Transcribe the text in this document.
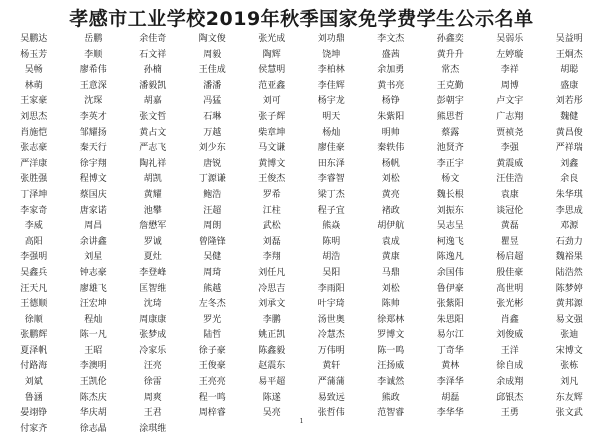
孝感市工业学校2019年秋季国家免学费学生公示名单
吴鹏达	岳鹏	余佳奇	陶文俊	张光成	刘功鼎	李文杰	孙鑫奕	吴弱乐	吴益明
杨玉芳	李顺	石文祥	周毅	陶辉	饶坤	盛茜	黄升升	左婷璇	王炯杰
吴畅	廖希伟	孙楠	王佳成	侯慧明	李柏林	余加勇	常杰	李祥	胡聪
林萌	王意深	潘毅凯	潘潘	范亚鑫	李佳辉	黄书亮	王克勤	周博	盛康
王家豪	沈琛	胡嘉	冯猛	刘可	杨宇龙	杨铮	彭朝宇	卢文宇	刘若彤
刘思杰	李英才	张文哲	石琳	张子辉	明天	朱紫阳	熊思哲	广志翔	魏健
肖施恺	邹耀扬	黄占文	万越	柴章坤	杨灿	明帅	蔡露	贾祯尧	黄昌俊
张志豪	秦天行	严志飞	刘少东	马文谦	廖佳豪	秦轶伟	池贤齐	李强	严祥瑞
严洋康	徐宇翔	陶礼祥	唐锐	黄博文	田东泽	杨帆	李正宇	黄震威	刘鑫
张胜强	程博文	胡凯	丁源谦	王俊杰	李睿智	刘松	杨文	汪佳浩	余良
丁泽坤	蔡国庆	黄耀	鲍浩	罗希	梁丁杰	黄亮	魏长根	袁康	朱华琪
李家奇	唐家诺	池攀	汪超	江柱	程子宜	褚政	刘振东	谈冠伦	李思成
李威	周昌	詹懋军	周朗	武松	熊焱	胡伊航	吴志呈	黄磊	邓源
高阳	余讲鑫	罗诚	曾隆锋	刘磊	陈明	袁成	柯逸飞	瞿昱	石劲力
李强明	刘星	夏灶	吴健	李翔	胡浩	黄康	陈逸凡	杨启超	魏裕果
吴鑫兵	钟志豪	李登峰	周琦	刘任凡	吴阳	马鼎	余国伟	殷佳豪	陆浩然
汪天凡	廖雄飞	匡智维	熊越	冷思吉	李雨阳	刘松	鲁伊豪	高世明	陈梦婷
王德顺	汪宏坤	沈琦	左冬杰	刘承文	叶宇琦	陈帅	张紫阳	张光彬	黄邦源
徐顺	程灿	周康康	罗光	李鹏	汤世奥	徐郑林	朱思阳	肖鑫	易文强
张鹏辉	陈一凡	张梦成	陆哲	姚正凯	冷慧杰	罗博文	易尔江	刘俊威	张迪
夏泽帆	王昭	冷家乐	徐子豪	陈鑫毅	万伟明	陈一鸣	丁奇华	王洋	宋博文
付路海	李澳明	汪亮	王俊豪	赵震东	黄轩	汪扬威	黄林	徐自成	张栋
刘斌	王凯伦	徐雷	王亮亮	易平超	严蒲蒲	李诚然	李泽华	余成翔	刘凡
鲁涵	陈杰庆	周爽	程一鸣	陈遂	易致远	熊政	胡磊	邱银杰	东友辉
晏翊铮	华庆胡	王君	周梓睿	吴亮	张哲伟	范智睿	李华华	王勇	张文武
付家齐	徐志晶	涂琪维
1
